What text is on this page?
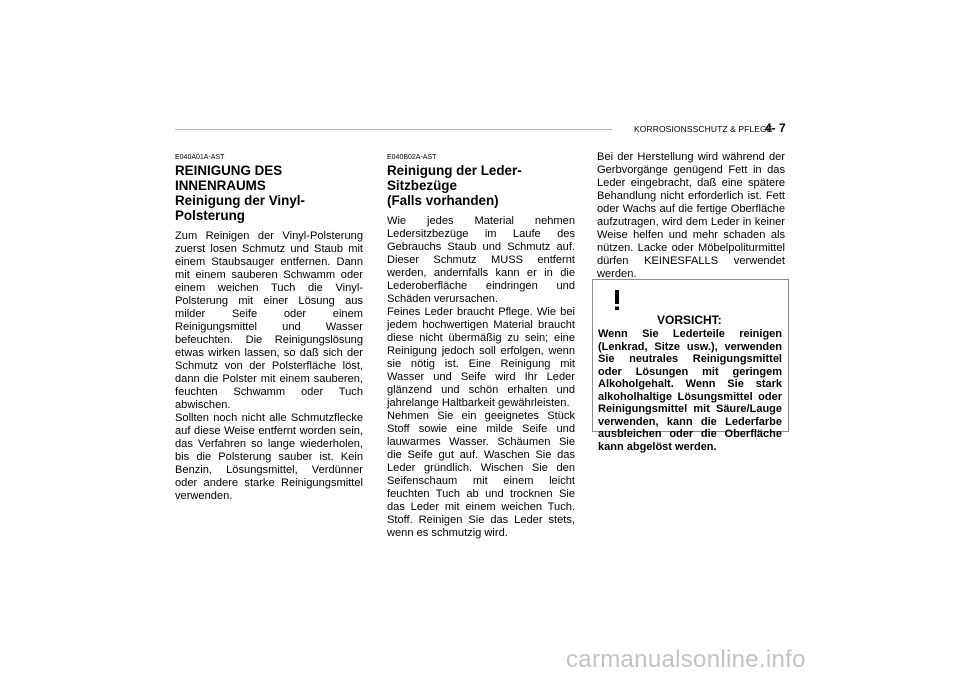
KORROSIONSSCHUTZ & PFLEGE
4- 7
E040A01A-AST
REINIGUNG DES INNENRAUMS
Reinigung der Vinyl-Polsterung

Zum Reinigen der Vinyl-Polsterung zuerst losen Schmutz und Staub mit einem Staubsauger entfernen. Dann mit einem sauberen Schwamm oder einem weichen Tuch die Vinyl-Polsterung mit einer Lösung aus milder Seife oder einem Reinigungsmittel und Wasser befeuchten. Die Reinigungslösung etwas wirken lassen, so daß sich der Schmutz von der Polsterfläche löst, dann die Polster mit einem sauberen, feuchten Schwamm oder Tuch abwischen.

Sollten noch nicht alle Schmutzflecke auf diese Weise entfernt worden sein, das Verfahren so lange wiederholen, bis die Polsterung sauber ist. Kein Benzin, Lösungsmittel, Verdünner oder andere starke Reinigungsmittel verwenden.

E040B02A-AST
Reinigung der Leder-
Sitzbezüge
(Falls vorhanden)

Wie jedes Material nehmen Ledersitzbezüge im Laufe des Gebrauchs Staub und Schmutz auf. Dieser Schmutz MUSS entfernt werden, andernfalls kann er in die Lederoberfläche eindringen und Schäden verursachen.

Feines Leder braucht Pflege. Wie bei jedem hochwertigen Material braucht diese nicht übermäßig zu sein; eine Reinigung jedoch soll erfolgen, wenn sie nötig ist. Eine Reinigung mit Wasser und Seife wird Ihr Leder glänzend und schön erhalten und jahrelange Haltbarkeit gewährleisten.

Nehmen Sie ein geeignetes Stück Stoff sowie eine milde Seife und lauwarmes Wasser. Schäumen Sie die Seife gut auf. Waschen Sie das Leder gründlich. Wischen Sie den Seifenschaum mit einem leicht feuchten Tuch ab und trocknen Sie das Leder mit einem weichen Tuch. Stoff. Reinigen Sie das Leder stets, wenn es schmutzig wird.

Bei der Herstellung wird während der Gerbvorgänge genügend Fett in das Leder eingebracht, daß eine spätere Behandlung nicht erforderlich ist. Fett oder Wachs auf die fertige Oberfläche aufzutragen, wird dem Leder in keiner Weise helfen und mehr schaden als nützen. Lacke oder Möbelpoliturmittel dürfen KEINESFALLS verwendet werden.

VORSICHT:

Wenn Sie Lederteile reinigen (Lenkrad, Sitze usw.), verwenden Sie neutrales Reinigungsmittel oder Lösungen mit geringem Alkoholgehalt. Wenn Sie stark alkoholhaltige Lösungsmittel oder Reinigungsmittel mit Säure/Lauge verwenden, kann die Lederfarbe ausbleichen oder die Oberfläche kann abgelöst werden.

carmanualsonline.info
